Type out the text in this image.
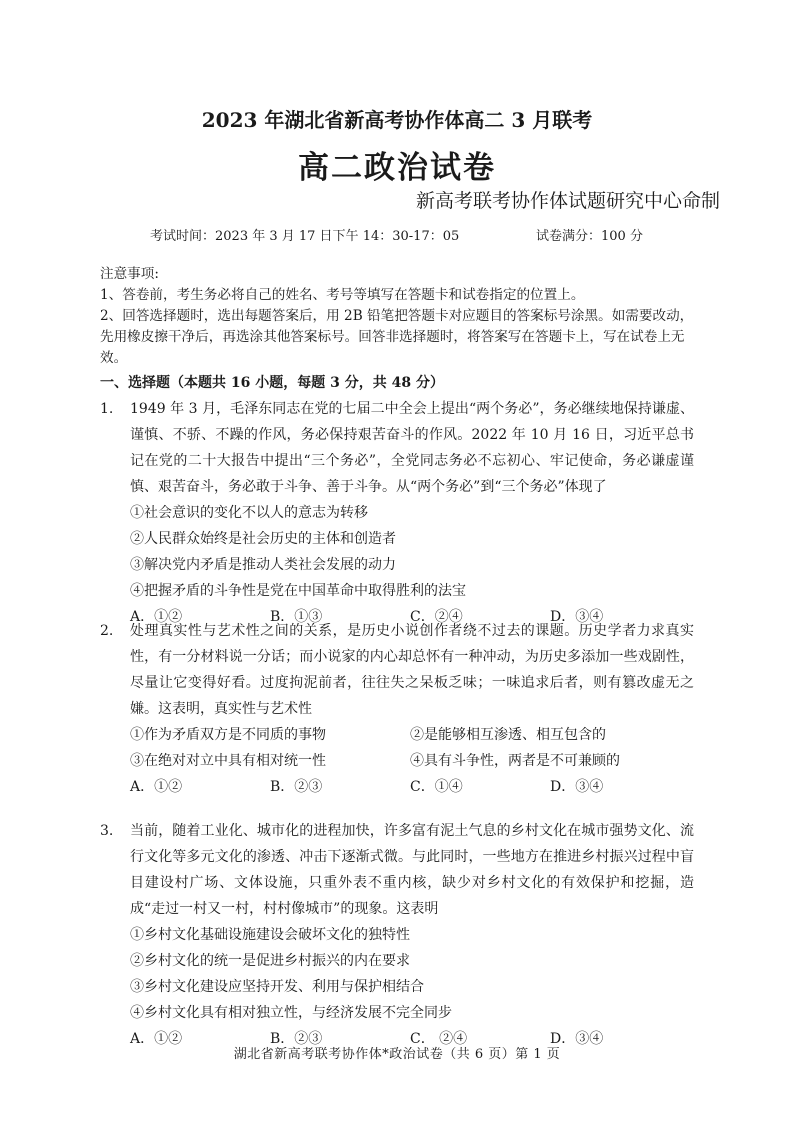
2023 年湖北省新高考协作体高二 3 月联考
高二政治试卷
新高考联考协作体试题研究中心命制
考试时间：2023 年 3 月 17 日下午 14：30-17：05	试卷满分：100 分

注意事项:

1、答卷前，考生务必将自己的姓名、考号等填写在答题卡和试卷指定的位置上。

2、回答选择题时，选出每题答案后，用 2B 铅笔把答题卡对应题目的答案标号涂黑。如需要改动，先用橡皮擦干净后，再选涂其他答案标号。回答非选择题时，将答案写在答题卡上，写在试卷上无效。

一、选择题（本题共 16 小题，每题 3 分，共 48 分）
1.	1949 年 3 月，毛泽东同志在党的七届二中全会上提出“两个务必”，务必继续地保持谦虚、谨慎、不骄、不躁的作风，务必保持艰苦奋斗的作风。2022 年 10 月 16 日，习近平总书记在党的二十大报告中提出“三个务必”，全党同志务必不忘初心、牢记使命，务必谦虚谨慎、艰苦奋斗，务必敢于斗争、善于斗争。从“两个务必”到“三个务必”体现了
①社会意识的变化不以人的意志为转移
②人民群众始终是社会历史的主体和创造者
③解决党内矛盾是推动人类社会发展的动力
④把握矛盾的斗争性是党在中国革命中取得胜利的法宝
A．①②	B．①③	C．②④	D．③④
2.	处理真实性与艺术性之间的关系，是历史小说创作者绕不过去的课题。历史学者力求真实性，有一分材料说一分话；而小说家的内心却总怀有一种冲动，为历史多添加一些戏剧性，尽量让它变得好看。过度拘泥前者，往往失之呆板乏味；一味追求后者，则有篡改虚无之嫌。这表明，真实性与艺术性
①作为矛盾双方是不同质的事物	②是能够相互渗透、相互包含的
③在绝对对立中具有相对统一性	④具有斗争性，两者是不可兼顾的
A．①②	B．②③	C．①④	D．③④
3.	当前，随着工业化、城市化的进程加快，许多富有泥土气息的乡村文化在城市强势文化、流行文化等多元文化的渗透、冲击下逐渐式微。与此同时，一些地方在推进乡村振兴过程中盲目建设村广场、文体设施，只重外表不重内核，缺少对乡村文化的有效保护和挖掘，造成“走过一村又一村，村村像城市”的现象。这表明
①乡村文化基础设施建设会破坏文化的独特性
②乡村文化的统一是促进乡村振兴的内在要求
③乡村文化建设应坚持开发、利用与保护相结合
④乡村文化具有相对独立性，与经济发展不完全同步
A．①②	B．②③	C． ②④	D．③④
湖北省新高考联考协作体*政治试卷（共 6 页）第 1 页
